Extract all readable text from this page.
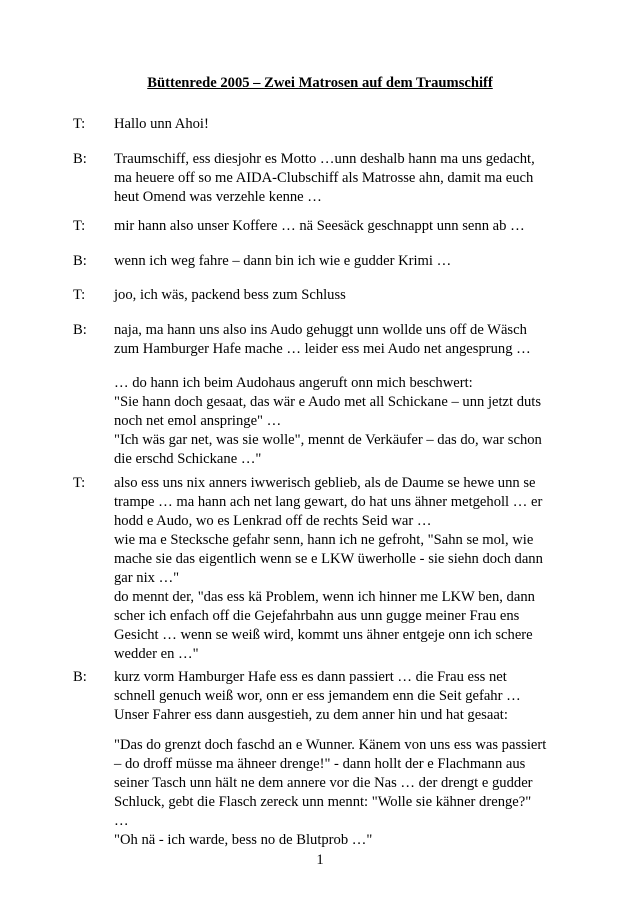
Büttenrede 2005 – Zwei Matrosen auf dem Traumschiff
T: Hallo unn Ahoi!
B: Traumschiff, ess diesjohr es Motto …unn deshalb hann ma uns gedacht,
ma heuere off so me AIDA-Clubschiff als Matrosse ahn, damit ma euch
heut Omend was verzehle kenne …
T: mir hann also unser Koffere … nä Seesäck geschnappt unn senn ab …
B: wenn ich weg fahre – dann bin ich wie e gudder Krimi …
T: joo, ich wäs, packend bess zum Schluss
B: naja, ma hann uns also ins Audo gehuggt unn wollde uns off de Wäsch
zum Hamburger Hafe mache … leider ess mei Audo net angesprung …
… do hann ich beim Audohaus angeruft onn mich beschwert:
"Sie hann doch gesaat, das wär e Audo met all Schickane – unn jetzt duts
noch net emol anspringe" …
"Ich wäs gar net, was sie wolle", mennt de Verkäufer – das do, war schon
die erschd Schickane …"
T: also ess uns nix anners iwwerisch geblieb, als de Daume se hewe unn se
trampe … ma hann ach net lang gewart, do hat uns ähner metgeholl … er
hodd e Audo, wo es Lenkrad off de rechts Seid war …
wie ma e Stecksche gefahr senn, hann ich ne gefroht, "Sahn se mol, wie
mache sie das eigentlich wenn se e LKW üwerholle - sie siehn doch dann
gar nix …"
do mennt der, "das ess kä Problem, wenn ich hinner me LKW ben, dann
scher ich enfach off die Gejefahrbahn aus unn gugge meiner Frau ens
Gesicht … wenn se weiß wird, kommt uns ähner entgeje onn ich schere
wedder en …"
B: kurz vorm Hamburger Hafe ess es dann passiert … die Frau ess net
schnell genuch weiß wor, onn er ess jemandem enn die Seit gefahr …
Unser Fahrer ess dann ausgestieh, zu dem anner hin und hat gesaat:
"Das do grenzt doch faschd an e Wunner. Känem von uns ess was passiert
– do droff müsse ma ähneer drenge!" - dann hollt der e Flachmann aus
seiner Tasch unn hält ne dem annere vor die Nas … der drengt e gudder
Schluck, gebt die Flasch zereck unn mennt: "Wolle sie kähner drenge?"
…
"Oh nä - ich warde, bess no de Blutprob …"
1
